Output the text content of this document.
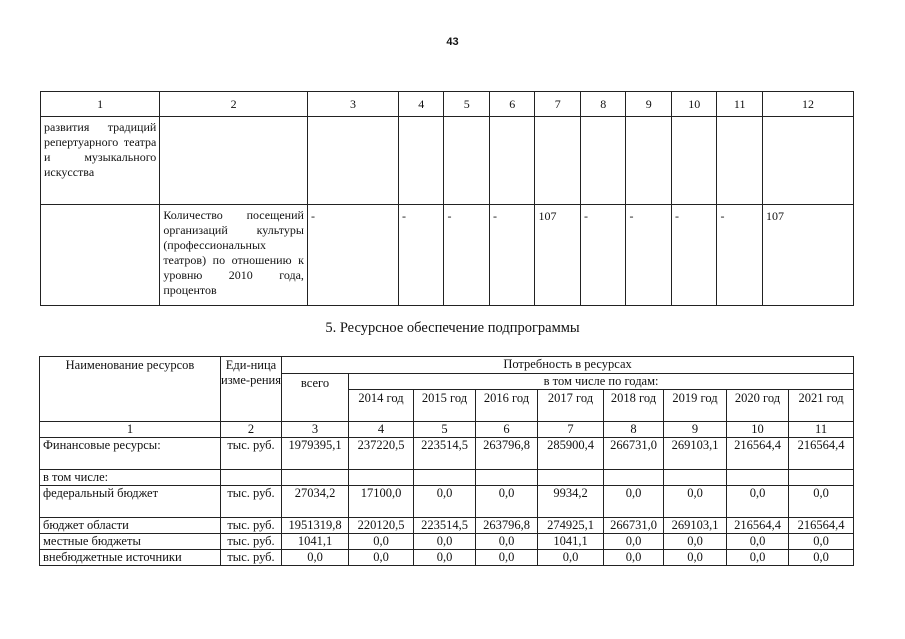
43
1	2	3	4	5	6	7	8	9	10	11	12
развития традиций репертуарного театра и музыкального искусства											
	Количество посещений организаций культуры (профессиональных театров) по отношению к уровню 2010 года, процентов	-	-	-	-	107	-	-	-	-	107
5. Ресурсное обеспечение подпрограммы
Наименование ресурсов	Еди-ница изме-рения	Потребность в ресурсах								
		всего	в том числе по годам:							
			2014 год	2015 год	2016 год	2017 год	2018 год	2019 год	2020 год	2021 год
1	2	3	4	5	6	7	8	9	10	11
Финансовые ресурсы:	тыс. руб.	1979395,1	237220,5	223514,5	263796,8	285900,4	266731,0	269103,1	216564,4	216564,4
в том числе:										
федеральный бюджет	тыс. руб.	27034,2	17100,0	0,0	0,0	9934,2	0,0	0,0	0,0	0,0
бюджет области	тыс. руб.	1951319,8	220120,5	223514,5	263796,8	274925,1	266731,0	269103,1	216564,4	216564,4
местные бюджеты	тыс. руб.	1041,1	0,0	0,0	0,0	1041,1	0,0	0,0	0,0	0,0
внебюджетные источники	тыс. руб.	0,0	0,0	0,0	0,0	0,0	0,0	0,0	0,0	0,0
